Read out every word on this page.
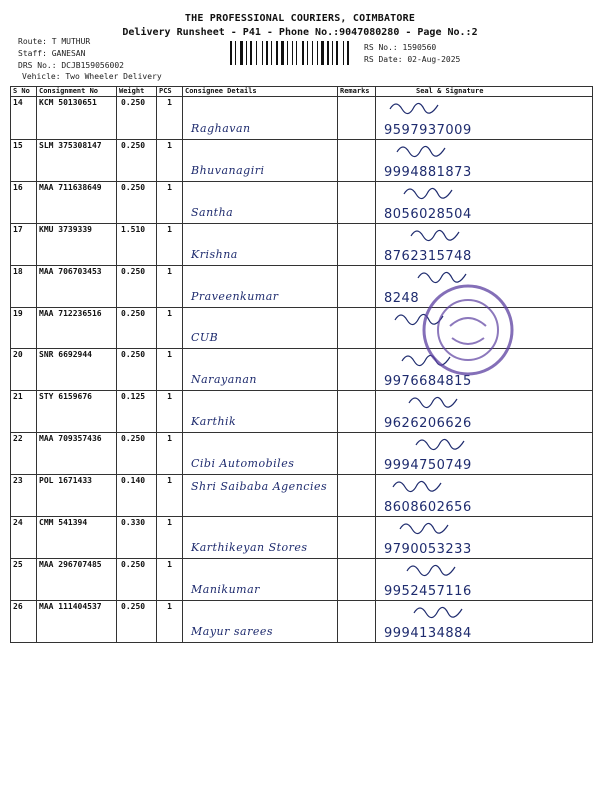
THE PROFESSIONAL COURIERS, COIMBATORE
Delivery Runsheet - P41 - Phone No.:9047080280 - Page No.:2
Route: T MUTHUR
Staff: GANESAN
DRS No.: DCJB159056002
Vehicle: Two Wheeler Delivery
RS No.: 1590560
RS Date: 02-Aug-2025
S No	Consignment No	Weight	PCS	Consignee Details	Remarks	Seal & Signature
14	KCM 50130651	0.250	1	Raghavan		9597937009

15	SLM 375308147	0.250	1	Bhuvanagiri		9994881873

16	MAA 711638649	0.250	1	Santha		8056028504

17	KMU 3739339	1.510	1	Krishna		8762315748

18	MAA 706703453	0.250	1	Praveenkumar		8248

19	MAA 712236516	0.250	1	CUB

20	SNR 6692944	0.250	1	Narayanan		9976684815

21	STY 6159676	0.125	1	Karthik		9626206626

22	MAA 709357436	0.250	1	Cibi Automobiles		9994750749

23	POL 1671433	0.140	1	Shri Saibaba Agencies		8608602656

24	CMM 541394	0.330	1	Karthikeyan Stores		9790053233

25	MAA 296707485	0.250	1	Manikumar		9952457116

26	MAA 111404537	0.250	1	Mayur sarees		9994134884
